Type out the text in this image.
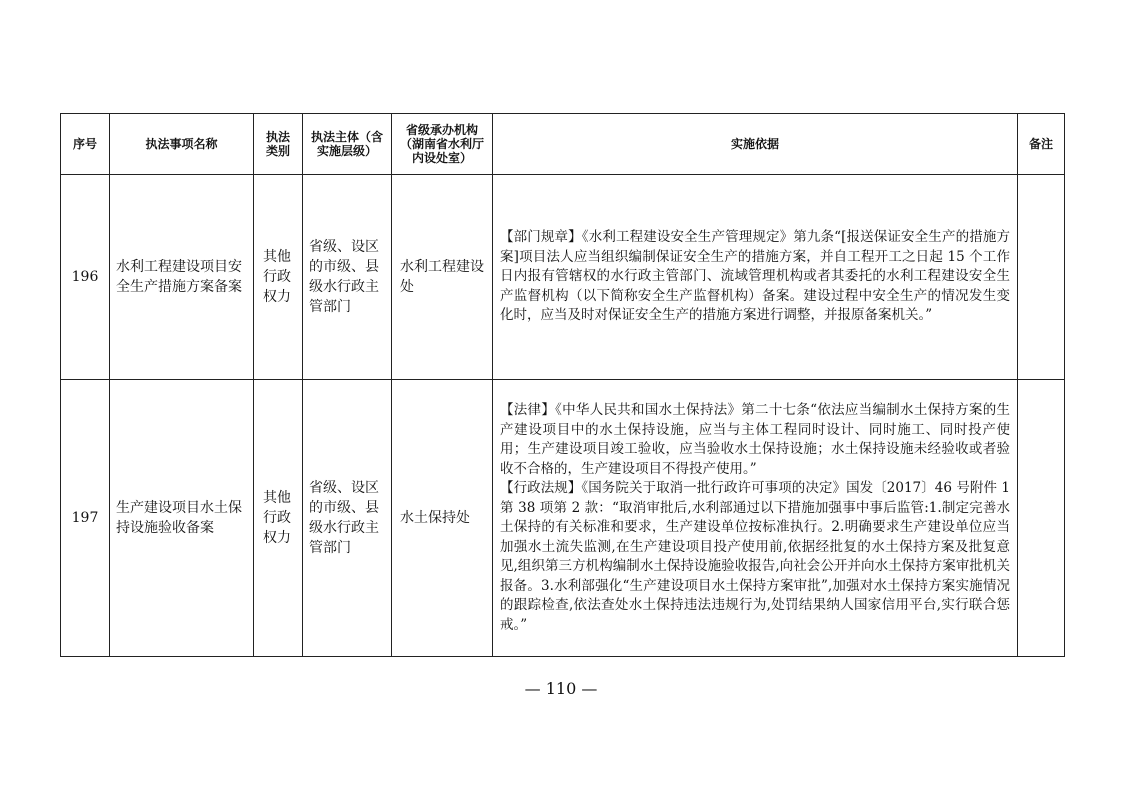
序号	执法事项名称	执法类别	执法主体（含实施层级）	省级承办机构（湖南省水利厅内设处室）	实施依据	备注

196	水利工程建设项目安全生产措施方案备案	其他行政权力	省级、设区的市级、县级水行政主管部门	水利工程建设处	【部门规章】《水利工程建设安全生产管理规定》第九条“[报送保证安全生产的措施方案]项目法人应当组织编制保证安全生产的措施方案，并自工程开工之日起 15 个工作日内报有管辖权的水行政主管部门、流域管理机构或者其委托的水利工程建设安全生产监督机构（以下简称安全生产监督机构）备案。建设过程中安全生产的情况发生变化时，应当及时对保证安全生产的措施方案进行调整，并报原备案机关。”	

197	生产建设项目水土保持设施验收备案	其他行政权力	省级、设区的市级、县级水行政主管部门	水土保持处	【法律】《中华人民共和国水土保持法》第二十七条“依法应当编制水土保持方案的生产建设项目中的水土保持设施，应当与主体工程同时设计、同时施工、同时投产使用；生产建设项目竣工验收，应当验收水土保持设施；水土保持设施未经验收或者验收不合格的，生产建设项目不得投产使用。”

【行政法规】《国务院关于取消一批行政许可事项的决定》国发〔2017〕46 号附件 1 第 38 项第 2 款：“取消审批后,水利部通过以下措施加强事中事后监管:1.制定完善水土保持的有关标准和要求，生产建设单位按标准执行。2.明确要求生产建设单位应当加强水土流失监测,在生产建设项目投产使用前,依据经批复的水土保持方案及批复意见,组织第三方机构编制水土保持设施验收报告,向社会公开并向水土保持方案审批机关报备。3.水利部强化“生产建设项目水土保持方案审批”,加强对水土保持方案实施情况的跟踪检查,依法查处水土保持违法违规行为,处罚结果纳人国家信用平台,实行联合惩戒。”	

— 110 —
